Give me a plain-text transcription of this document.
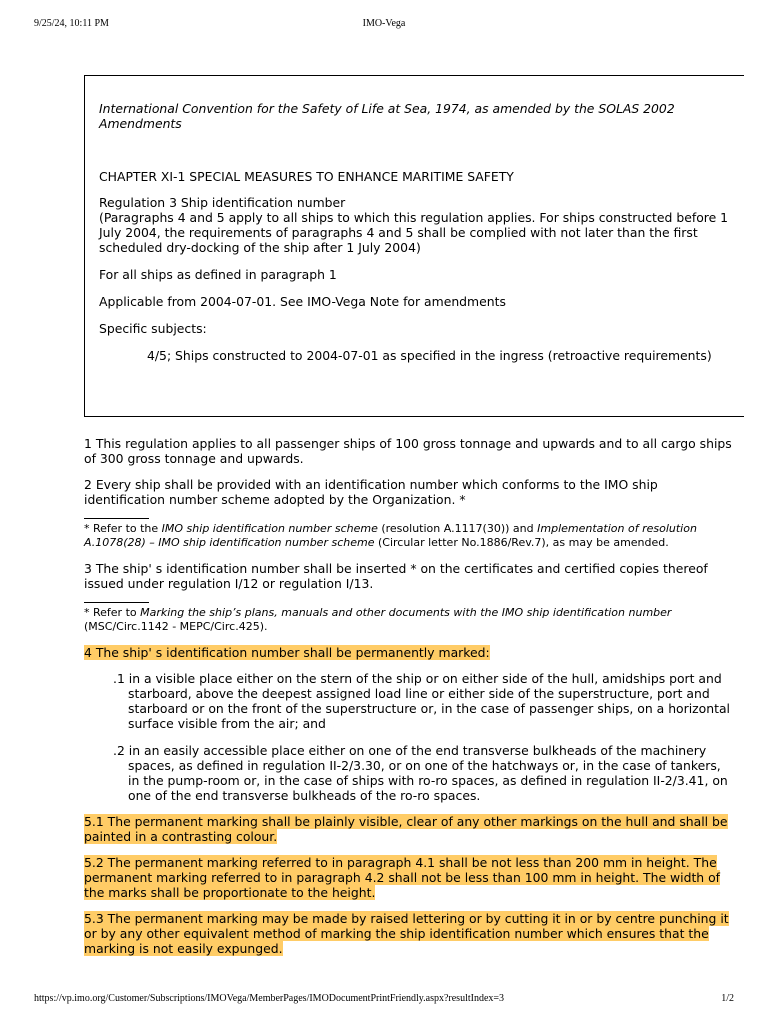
9/25/24, 10:11 PM	IMO-Vega

International Convention for the Safety of Life at Sea, 1974, as amended by the SOLAS 2002 Amendments

CHAPTER XI-1 SPECIAL MEASURES TO ENHANCE MARITIME SAFETY

Regulation 3 Ship identification number

(Paragraphs 4 and 5 apply to all ships to which this regulation applies. For ships constructed before 1 July 2004, the requirements of paragraphs 4 and 5 shall be complied with not later than the first scheduled dry-docking of the ship after 1 July 2004)

For all ships as defined in paragraph 1

Applicable from 2004-07-01. See IMO-Vega Note for amendments

Specific subjects:

4/5; Ships constructed to 2004-07-01 as specified in the ingress (retroactive requirements)

1 This regulation applies to all passenger ships of 100 gross tonnage and upwards and to all cargo ships of 300 gross tonnage and upwards.

2 Every ship shall be provided with an identification number which conforms to the IMO ship identification number scheme adopted by the Organization. *

* Refer to the IMO ship identification number scheme (resolution A.1117(30)) and Implementation of resolution A.1078(28) – IMO ship identification number scheme (Circular letter No.1886/Rev.7), as may be amended.

3 The ship' s identification number shall be inserted * on the certificates and certified copies thereof issued under regulation I/12 or regulation I/13.

* Refer to Marking the ship’s plans, manuals and other documents with the IMO ship identification number (MSC/Circ.1142 - MEPC/Circ.425).

4 The ship' s identification number shall be permanently marked:

.1 in a visible place either on the stern of the ship or on either side of the hull, amidships port and starboard, above the deepest assigned load line or either side of the superstructure, port and starboard or on the front of the superstructure or, in the case of passenger ships, on a horizontal surface visible from the air; and

.2 in an easily accessible place either on one of the end transverse bulkheads of the machinery spaces, as defined in regulation II-2/3.30, or on one of the hatchways or, in the case of tankers, in the pump-room or, in the case of ships with ro-ro spaces, as defined in regulation II-2/3.41, on one of the end transverse bulkheads of the ro-ro spaces.

5.1 The permanent marking shall be plainly visible, clear of any other markings on the hull and shall be painted in a contrasting colour.

5.2 The permanent marking referred to in paragraph 4.1 shall be not less than 200 mm in height. The permanent marking referred to in paragraph 4.2 shall not be less than 100 mm in height. The width of the marks shall be proportionate to the height.

5.3 The permanent marking may be made by raised lettering or by cutting it in or by centre punching it or by any other equivalent method of marking the ship identification number which ensures that the marking is not easily expunged.

https://vp.imo.org/Customer/Subscriptions/IMOVega/MemberPages/IMODocumentPrintFriendly.aspx?resultIndex=3	1/2
